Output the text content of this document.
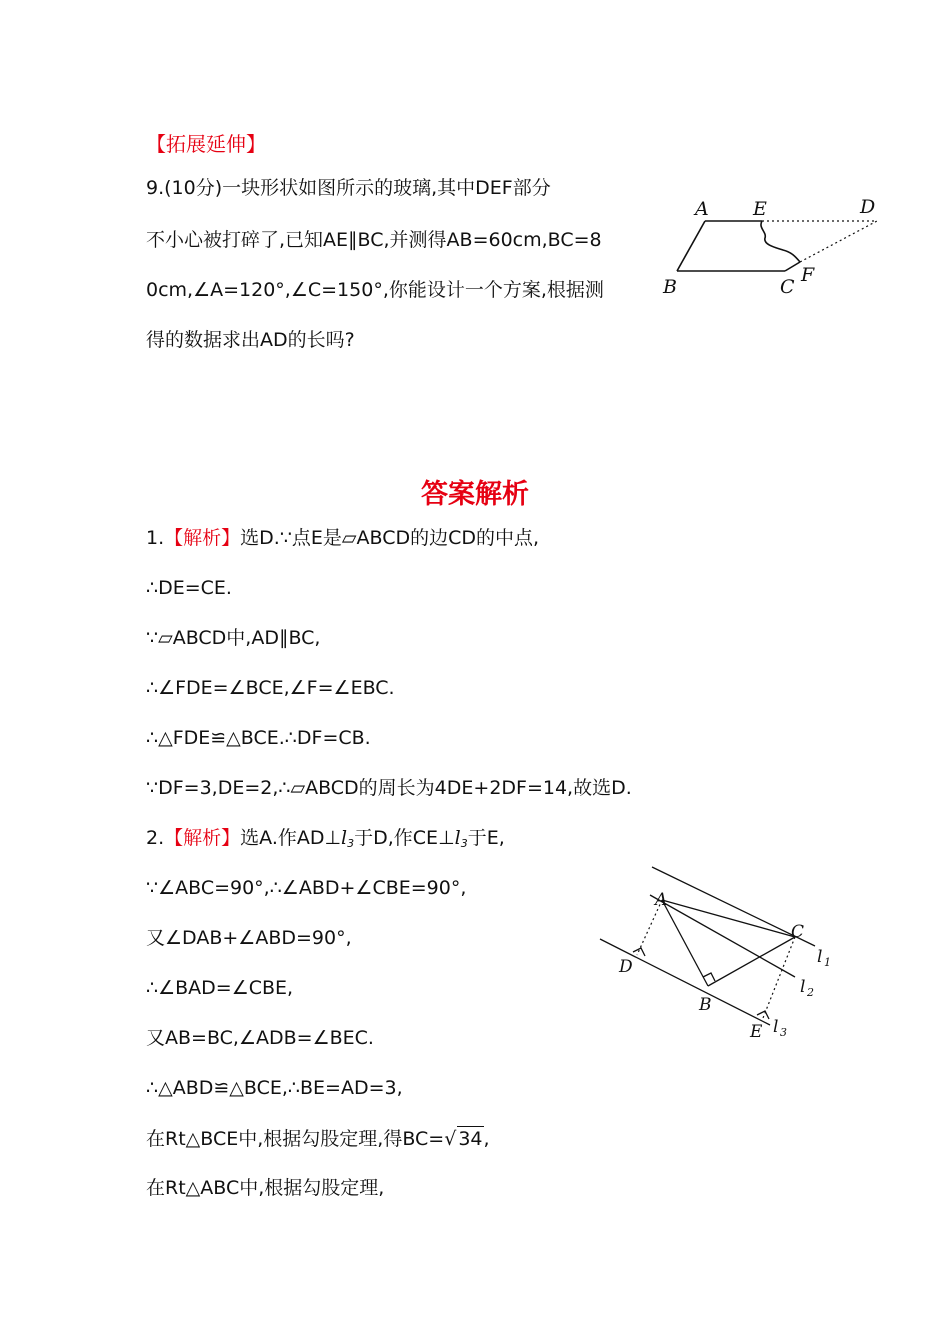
【拓展延伸】
9.(10分)一块形状如图所示的玻璃,其中DEF部分
不小心被打碎了,已知AE∥BC,并测得AB=60cm,BC=8
0cm,∠A=120°,∠C=150°,你能设计一个方案,根据测
得的数据求出AD的长吗?
A E	D
B	C
F
答案解析
1.【解析】选D.∵点E是▱ABCD的边CD的中点,
∴DE=CE.
∵▱ABCD中,AD∥BC,
∴∠FDE=∠BCE,∠F=∠EBC.
∴△FDE≌△BCE.∴DF=CB.
∵DF=3,DE=2,∴▱ABCD的周长为4DE+2DF=14,故选D.
2.【解析】选A.作$AD\perp l_3$于D,作$CE\perp l_3$于E,
∵∠ABC=90°,∴∠ABD+∠CBE=90°,
又∠DAB+∠ABD=90°,
∴∠BAD=∠CBE,
又AB=BC,∠ADB=∠BEC.
∴△ABD≌△BCE,∴BE=AD=3,
在Rt△BCE中,根据勾股定理,得BC=√ 34,
在Rt△ABC中,根据勾股定理,
A
C
D
B
E
l 1
l 2
l 3
